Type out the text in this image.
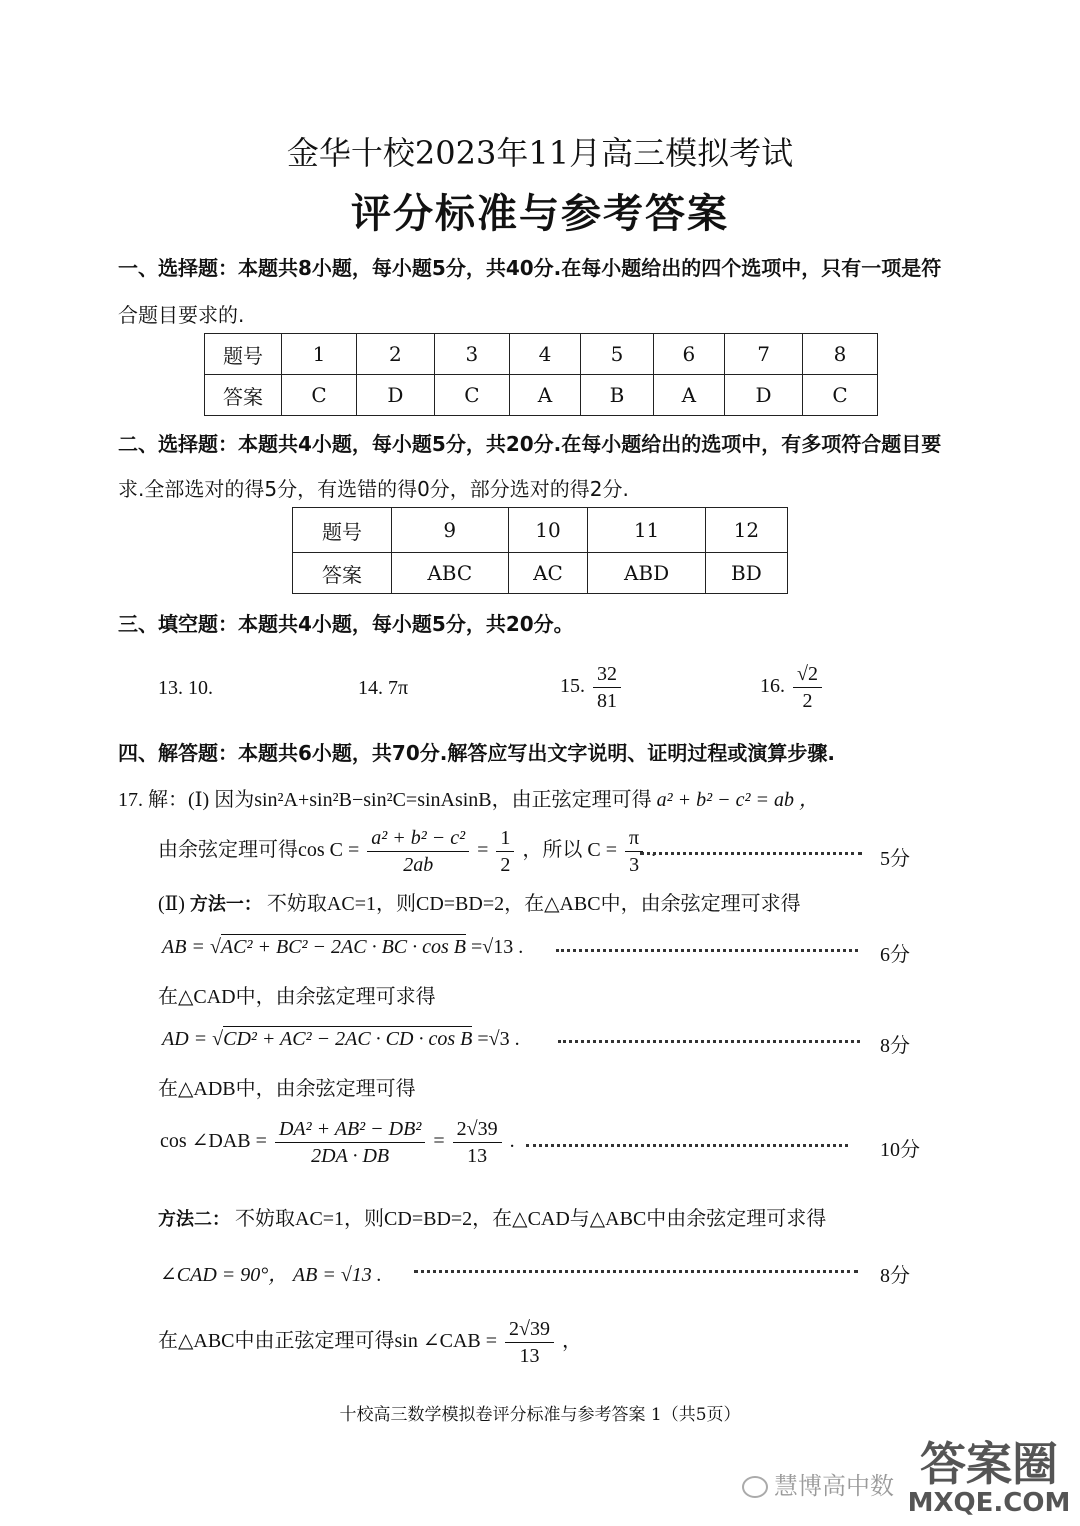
金华十校2023年11月高三模拟考试
评分标准与参考答案
一、选择题：本题共8小题，每小题5分，共40分.在每小题给出的四个选项中，只有一项是符
合题目要求的.
题号	1	2	3	4	5	6	7	8
答案	C	D	C	A	B	A	D	C
二、选择题：本题共4小题，每小题5分，共20分.在每小题给出的选项中，有多项符合题目要
求.全部选对的得5分，有选错的得0分，部分选对的得2分.
题号	9	10	11	12
答案	ABC	AC	ABD	BD
三、填空题：本题共4小题，每小题5分，共20分。
13. 10.	14. 7π	15. $\frac{32}{81}$	16. $\frac{√2}{2}$
四、解答题：本题共6小题，共70分.解答应写出文字说明、证明过程或演算步骤.
17. 解：(Ⅰ) 因为sin²A+sin²B−sin²C=sinAsinB，由正弦定理可得 a² + b² − c² = ab ，
由余弦定理可得$\cos C = \frac{\text{a² + b² − c²}}{2ab} = \frac{1}{2}$ ，所以 $C = \frac{\pi}{3}$ .	5分
(Ⅱ) 方法一： 不妨取AC=1，则CD=BD=2，在△ABC中，由余弦定理可求得
AB = √AC² + BC² − 2AC · BC · cos B =√13 .	6分
在△CAD中，由余弦定理可求得
AD = √CD² + AC² − 2AC · CD · cos B =√3 .	8分
在△ADB中，由余弦定理可得
cos ∠DAB = $\frac{\text{DA² + AB² − DB²}}{2DA \cdot DB} = \frac{2√39}{13}$ .	10分
方法二： 不妨取AC=1，则CD=BD=2，在△CAD与△ABC中由余弦定理可求得
∠CAD = 90°， AB = √13 .	8分
在△ABC中由正弦定理可得sin ∠CAB = $\frac{2√39}{13}$ ，
十校高三数学模拟卷评分标准与参考答案 1（共5页）
慧博高中数 答案圈
MXQE.COM
